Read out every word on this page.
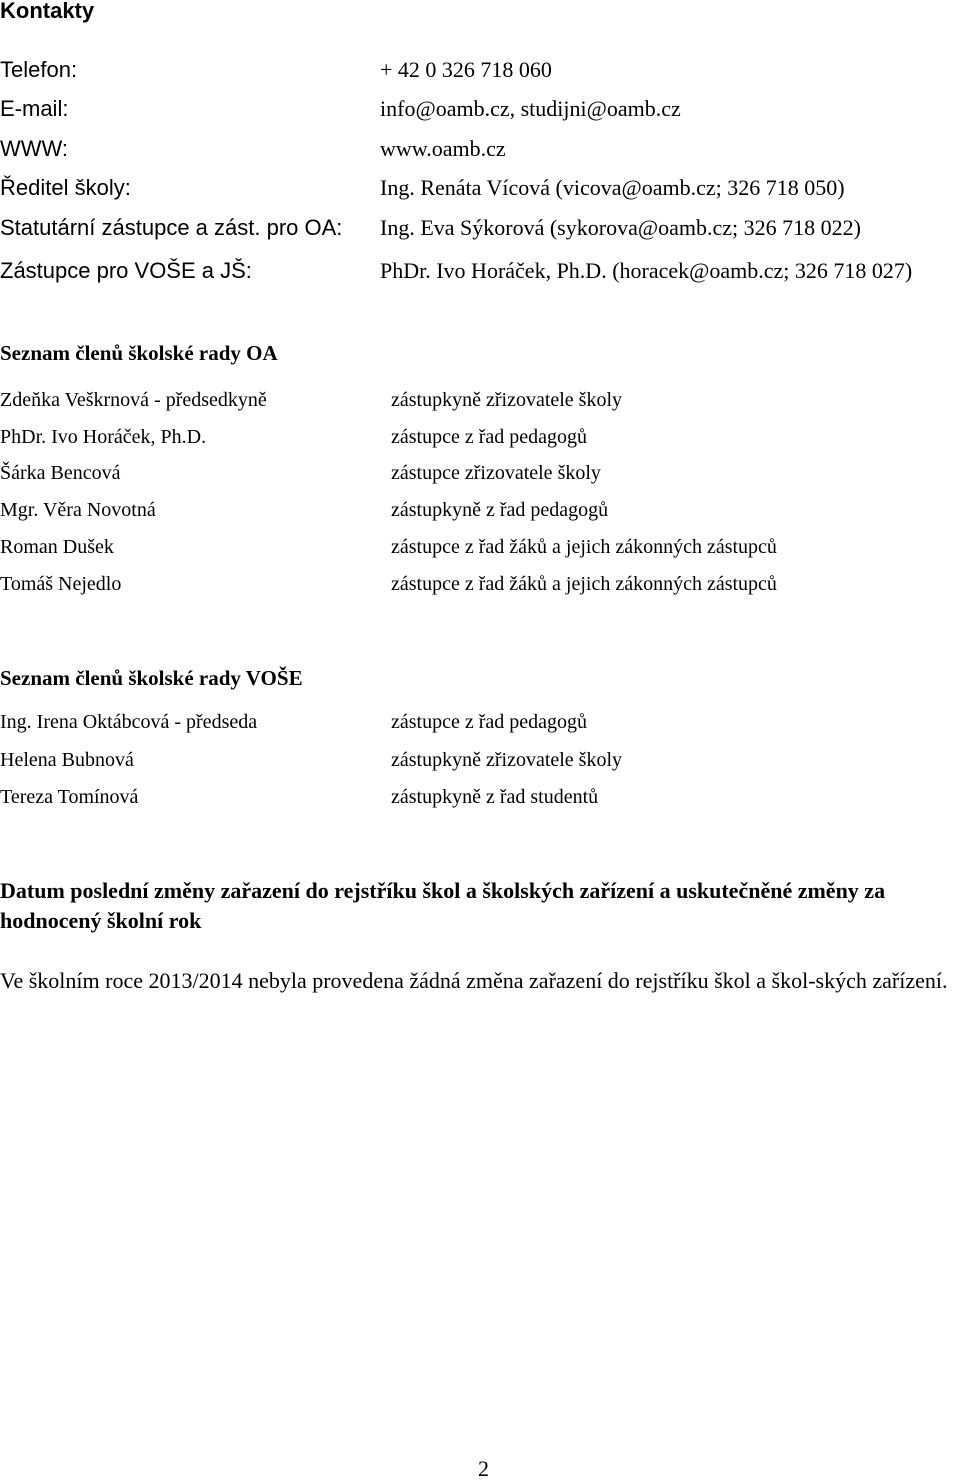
Kontakty
Telefon:	+ 42 0 326 718 060
E-mail:	info@oamb.cz, studijni@oamb.cz
WWW:	www.oamb.cz
Ředitel školy:	Ing. Renáta Vícová (vicova@oamb.cz; 326 718 050)
Statutární zástupce a zást. pro OA: Ing. Eva Sýkorová (sykorova@oamb.cz; 326 718 022)
Zástupce pro VOŠE a JŠ:	PhDr. Ivo Horáček, Ph.D. (horacek@oamb.cz; 326 718 027)
Seznam členů školské rady OA
Zdeňka Veškrnová - předsedkyně	zástupkyně zřizovatele školy
PhDr. Ivo Horáček, Ph.D.	zástupce z řad pedagogů
Šárka Bencová	zástupce zřizovatele školy
Mgr. Věra Novotná	zástupkyně z řad pedagogů
Roman Dušek	zástupce z řad žáků a jejich zákonných zástupců
Tomáš Nejedlo	zástupce z řad žáků a jejich zákonných zástupců
Seznam členů školské rady VOŠE
Ing. Irena Oktábcová - předseda	zástupce z řad pedagogů
Helena Bubnová	zástupkyně zřizovatele školy
Tereza Tomínová	zástupkyně z řad studentů
Datum poslední změny zařazení do rejstříku škol a školských zařízení a uskutečněné změny za hodnocený školní rok
Ve školním roce 2013/2014 nebyla provedena žádná změna zařazení do rejstříku škol a škol-ských zařízení.
2
